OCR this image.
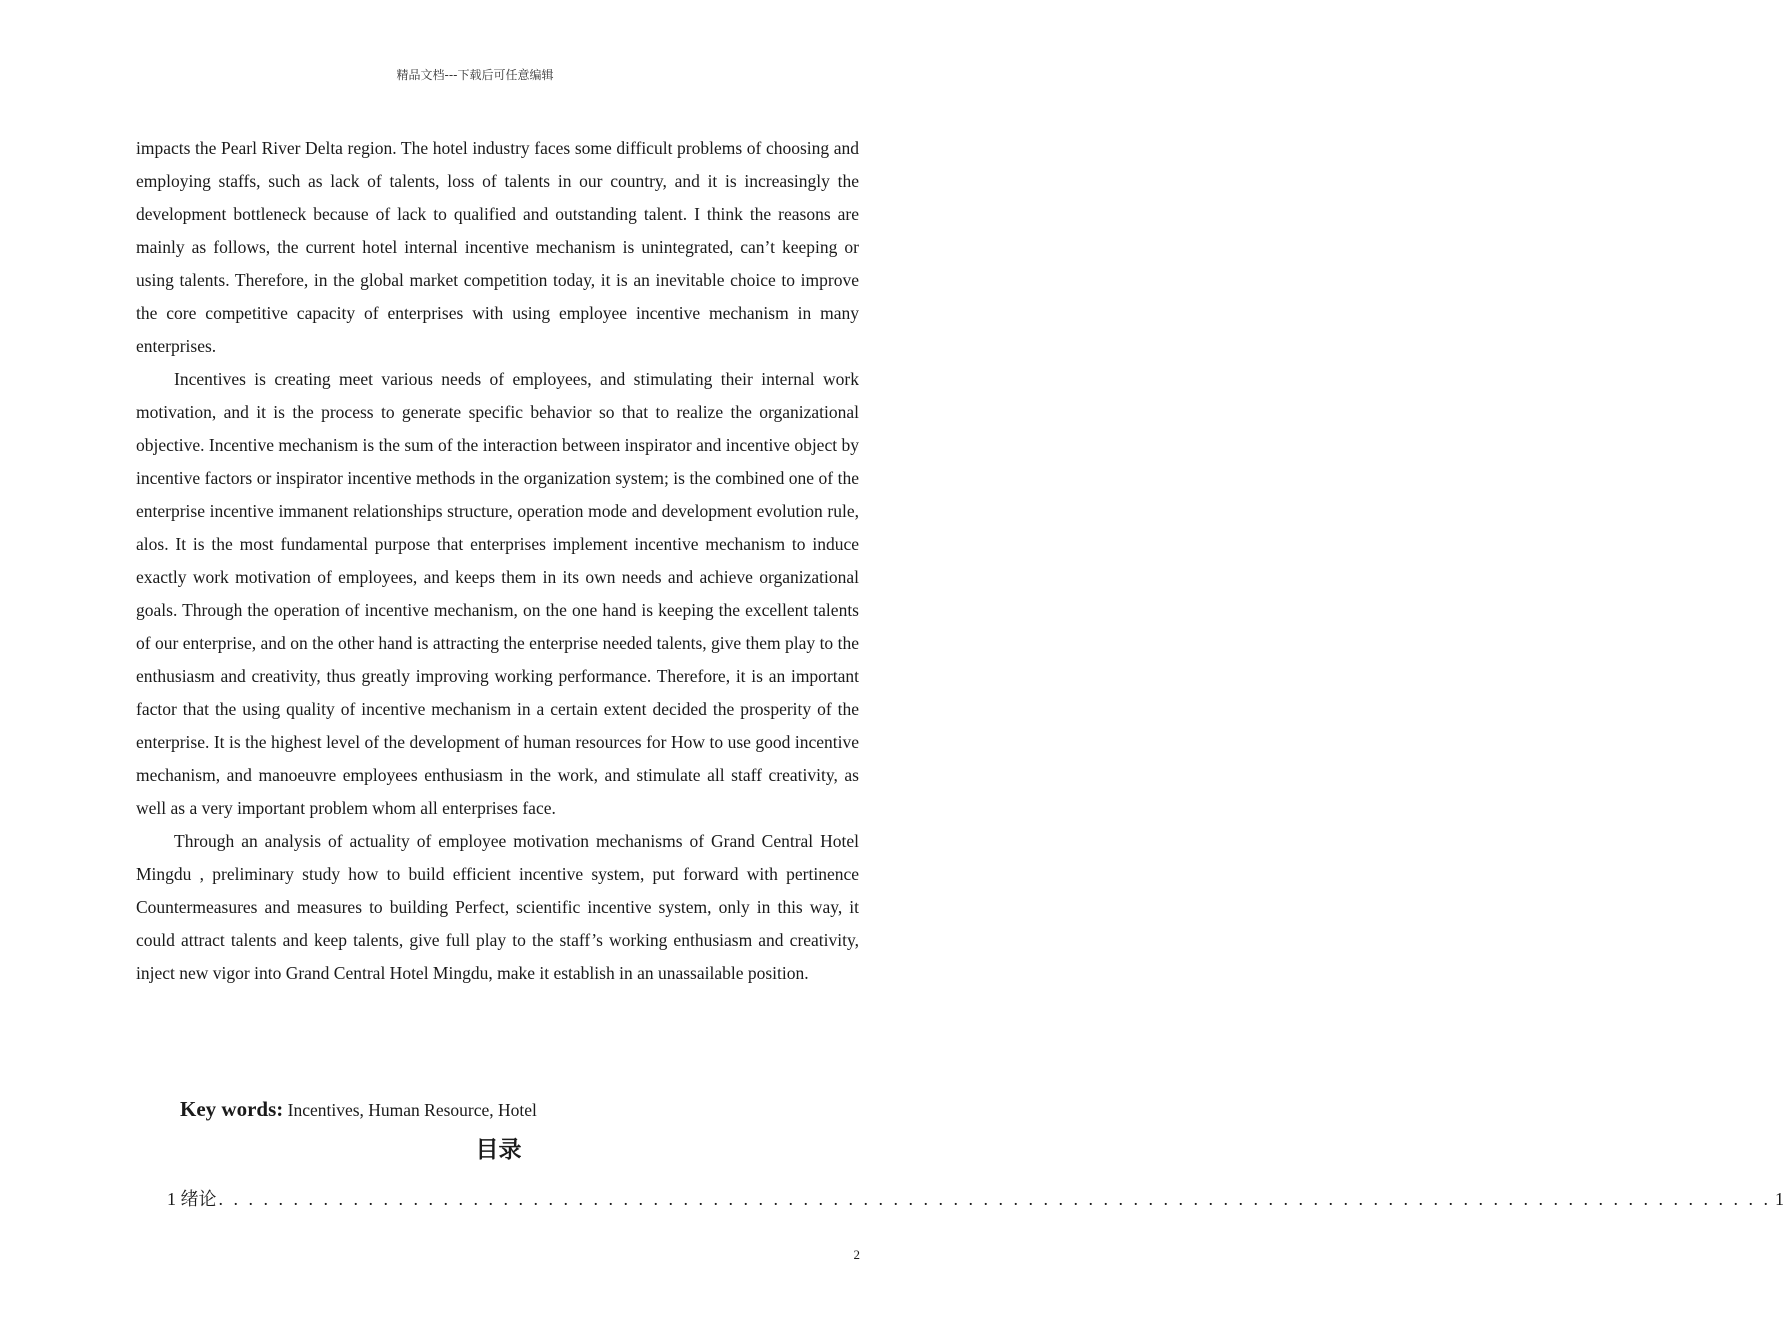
精品文档---下载后可任意编辑

impacts the Pearl River Delta region. The hotel industry faces some difficult problems of choosing and employing staffs, such as lack of talents, loss of talents in our country, and it is increasingly the development bottleneck because of lack to qualified and outstanding talent. I think the reasons are mainly as follows, the current hotel internal incentive mechanism is unintegrated, can’t keeping or using talents. Therefore, in the global market competition today, it is an inevitable choice to improve the core competitive capacity of enterprises with using employee incentive mechanism in many enterprises.

Incentives is creating meet various needs of employees, and stimulating their internal work motivation, and it is the process to generate specific behavior so that to realize the organizational objective. Incentive mechanism is the sum of the interaction between inspirator and incentive object by incentive factors or inspirator incentive methods in the organization system; is the combined one of the enterprise incentive immanent relationships structure, operation mode and development evolution rule, alos. It is the most fundamental purpose that enterprises implement incentive mechanism to induce exactly work motivation of employees, and keeps them in its own needs and achieve organizational goals. Through the operation of incentive mechanism, on the one hand is keeping the excellent talents of our enterprise, and on the other hand is attracting the enterprise needed talents, give them play to the enthusiasm and creativity, thus greatly improving working performance. Therefore, it is an important factor that the using quality of incentive mechanism in a certain extent decided the prosperity of the enterprise. It is the highest level of the development of human resources for How to use good incentive mechanism, and manoeuvre employees enthusiasm in the work, and stimulate all staff creativity, as well as a very important problem whom all enterprises face.

Through an analysis of actuality of employee motivation mechanisms of Grand Central Hotel Mingdu , preliminary study how to build efficient incentive system, put forward with pertinence Countermeasures and measures to building Perfect, scientific incentive system, only in this way, it could attract talents and keep talents, give full play to the staff’s working enthusiasm and creativity, inject new vigor into Grand Central Hotel Mingdu, make it establish in an unassailable position.

Key words: Incentives, Human Resource, Hotel
目录
1 绪论 . . . . . . . . . . . . . . . . . . . . . . . . . . . . . . . . . . . . . . . . . . . . . . . . . . . . . . . . . . . . . . . . . . . . . . . . . . . . . . . . . . . . . . . . . . . . . . . . . . . . . . . . 1
2
